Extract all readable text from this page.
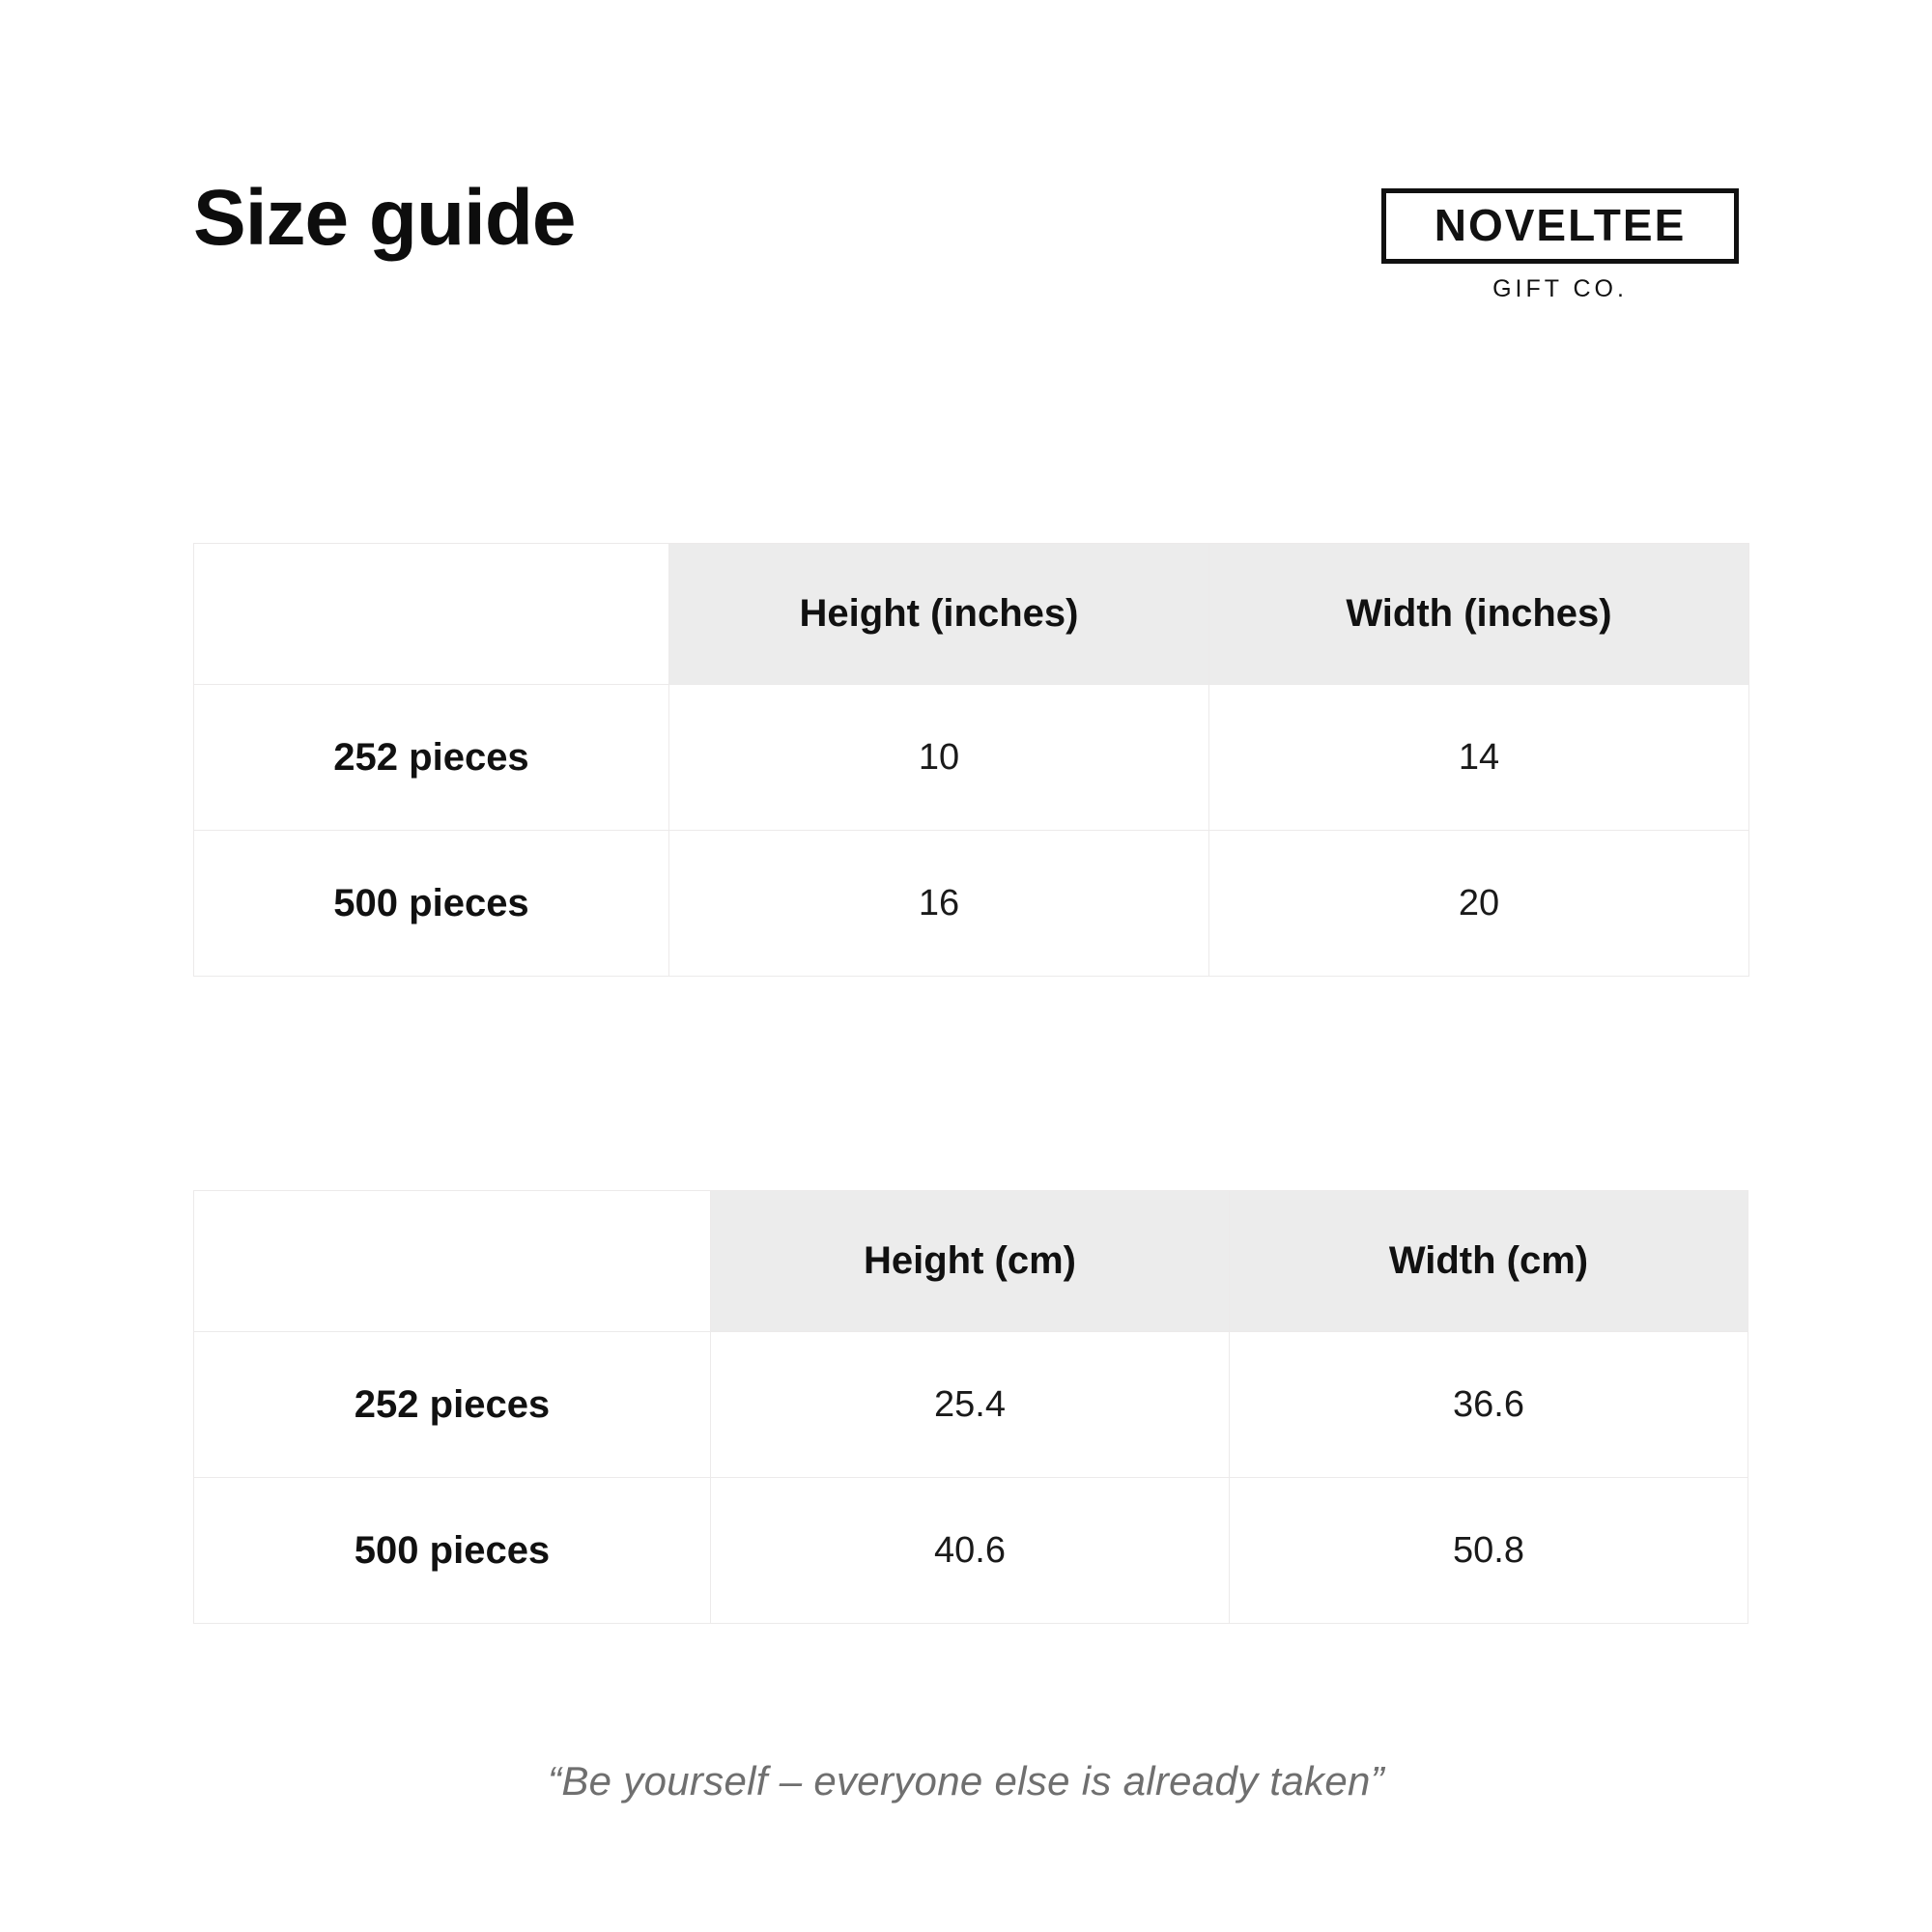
Size guide	NOVELTEE
GIFT CO.
	Height (inches)	Width (inches)
252 pieces	10	14
500 pieces	16	20
	Height (cm)	Width (cm)
252 pieces	25.4	36.6
500 pieces	40.6	50.8
“Be yourself – everyone else is already taken”
